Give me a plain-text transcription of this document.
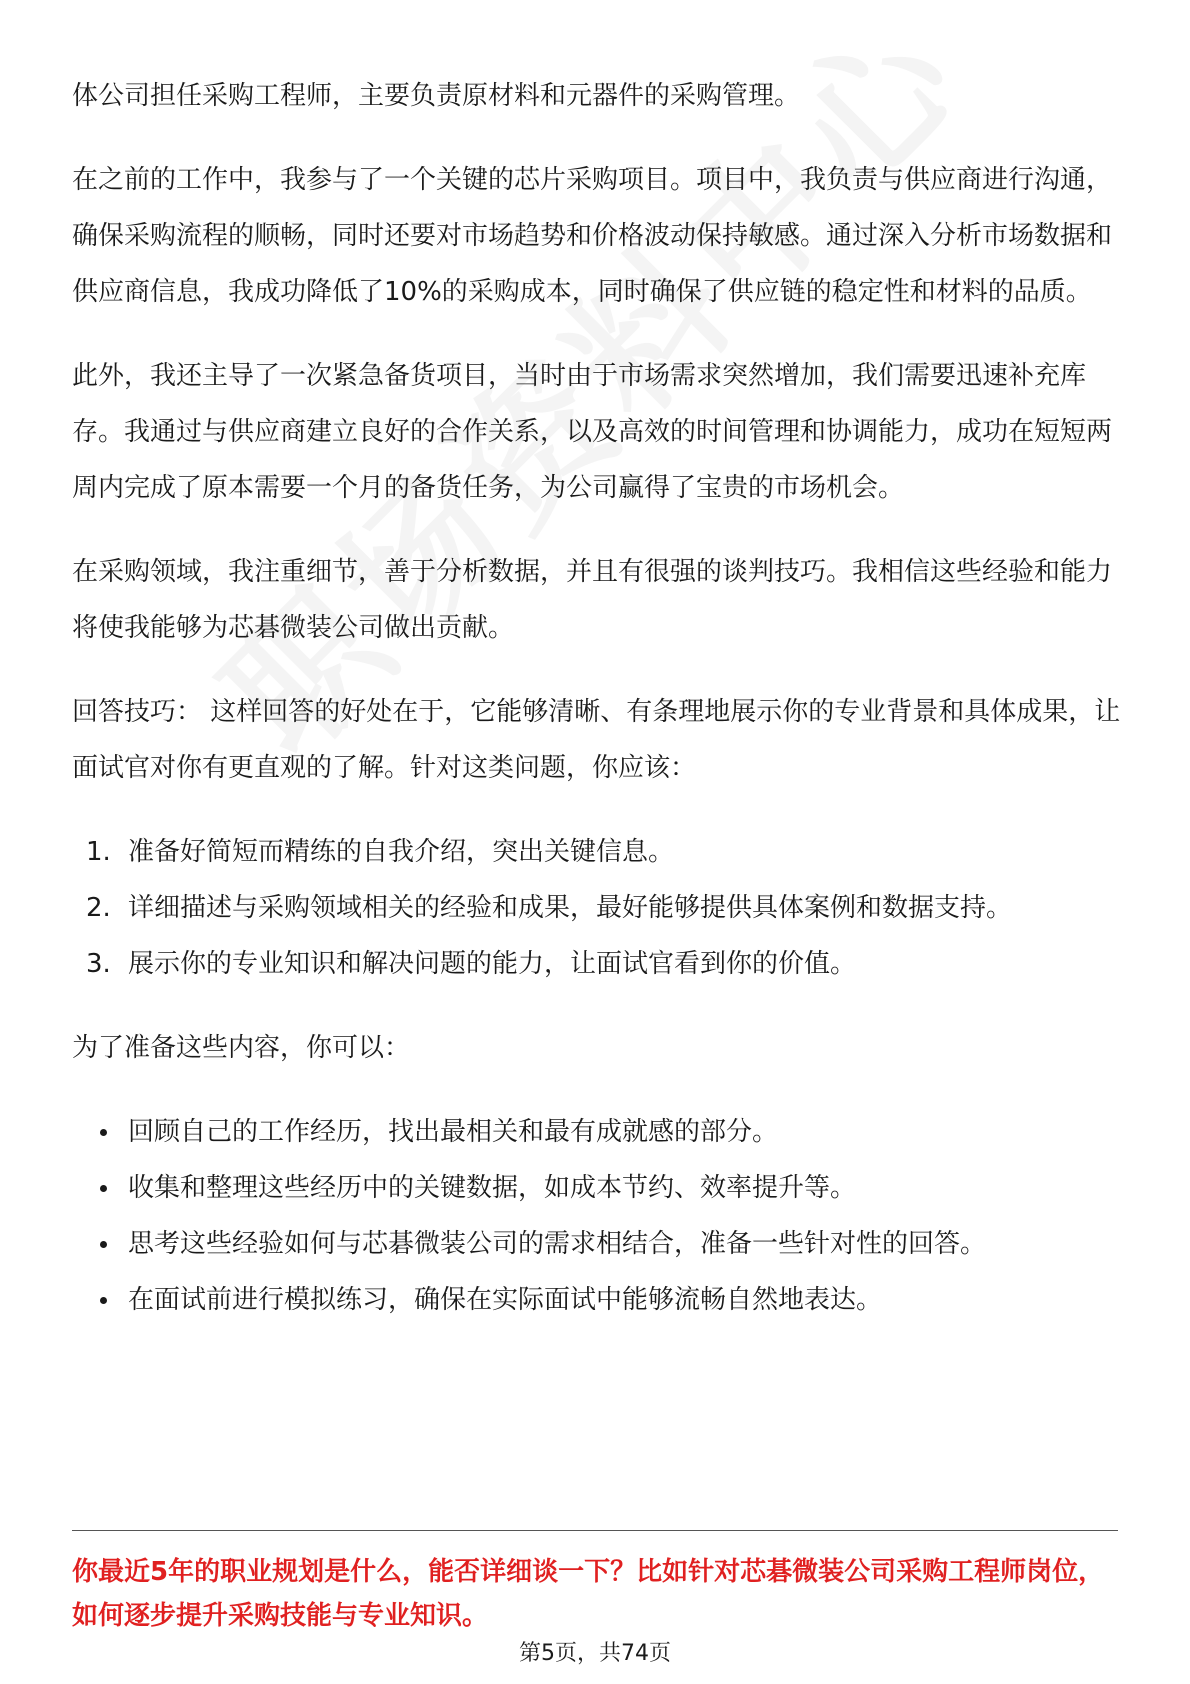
体公司担任采购工程师，主要负责原材料和元器件的采购管理。

在之前的工作中，我参与了一个关键的芯片采购项目。项目中，我负责与供应商进行沟通，确保采购流程的顺畅，同时还要对市场趋势和价格波动保持敏感。通过深入分析市场数据和供应商信息，我成功降低了10%的采购成本，同时确保了供应链的稳定性和材料的品质。

此外，我还主导了一次紧急备货项目，当时由于市场需求突然增加，我们需要迅速补充库存。我通过与供应商建立良好的合作关系，以及高效的时间管理和协调能力，成功在短短两周内完成了原本需要一个月的备货任务，为公司赢得了宝贵的市场机会。

在采购领域，我注重细节，善于分析数据，并且有很强的谈判技巧。我相信这些经验和能力将使我能够为芯碁微装公司做出贡献。

回答技巧： 这样回答的好处在于，它能够清晰、有条理地展示你的专业背景和具体成果，让面试官对你有更直观的了解。针对这类问题，你应该：

1. 准备好简短而精练的自我介绍，突出关键信息。
2. 详细描述与采购领域相关的经验和成果，最好能够提供具体案例和数据支持。
3. 展示你的专业知识和解决问题的能力，让面试官看到你的价值。

为了准备这些内容，你可以：

回顾自己的工作经历，找出最相关和最有成就感的部分。
收集和整理这些经历中的关键数据，如成本节约、效率提升等。
思考这些经验如何与芯碁微装公司的需求相结合，准备一些针对性的回答。
在面试前进行模拟练习，确保在实际面试中能够流畅自然地表达。
你最近5年的职业规划是什么，能否详细谈一下？比如针对芯碁微装公司采购工程师岗位，如何逐步提升采购技能与专业知识。
第5页，共74页
